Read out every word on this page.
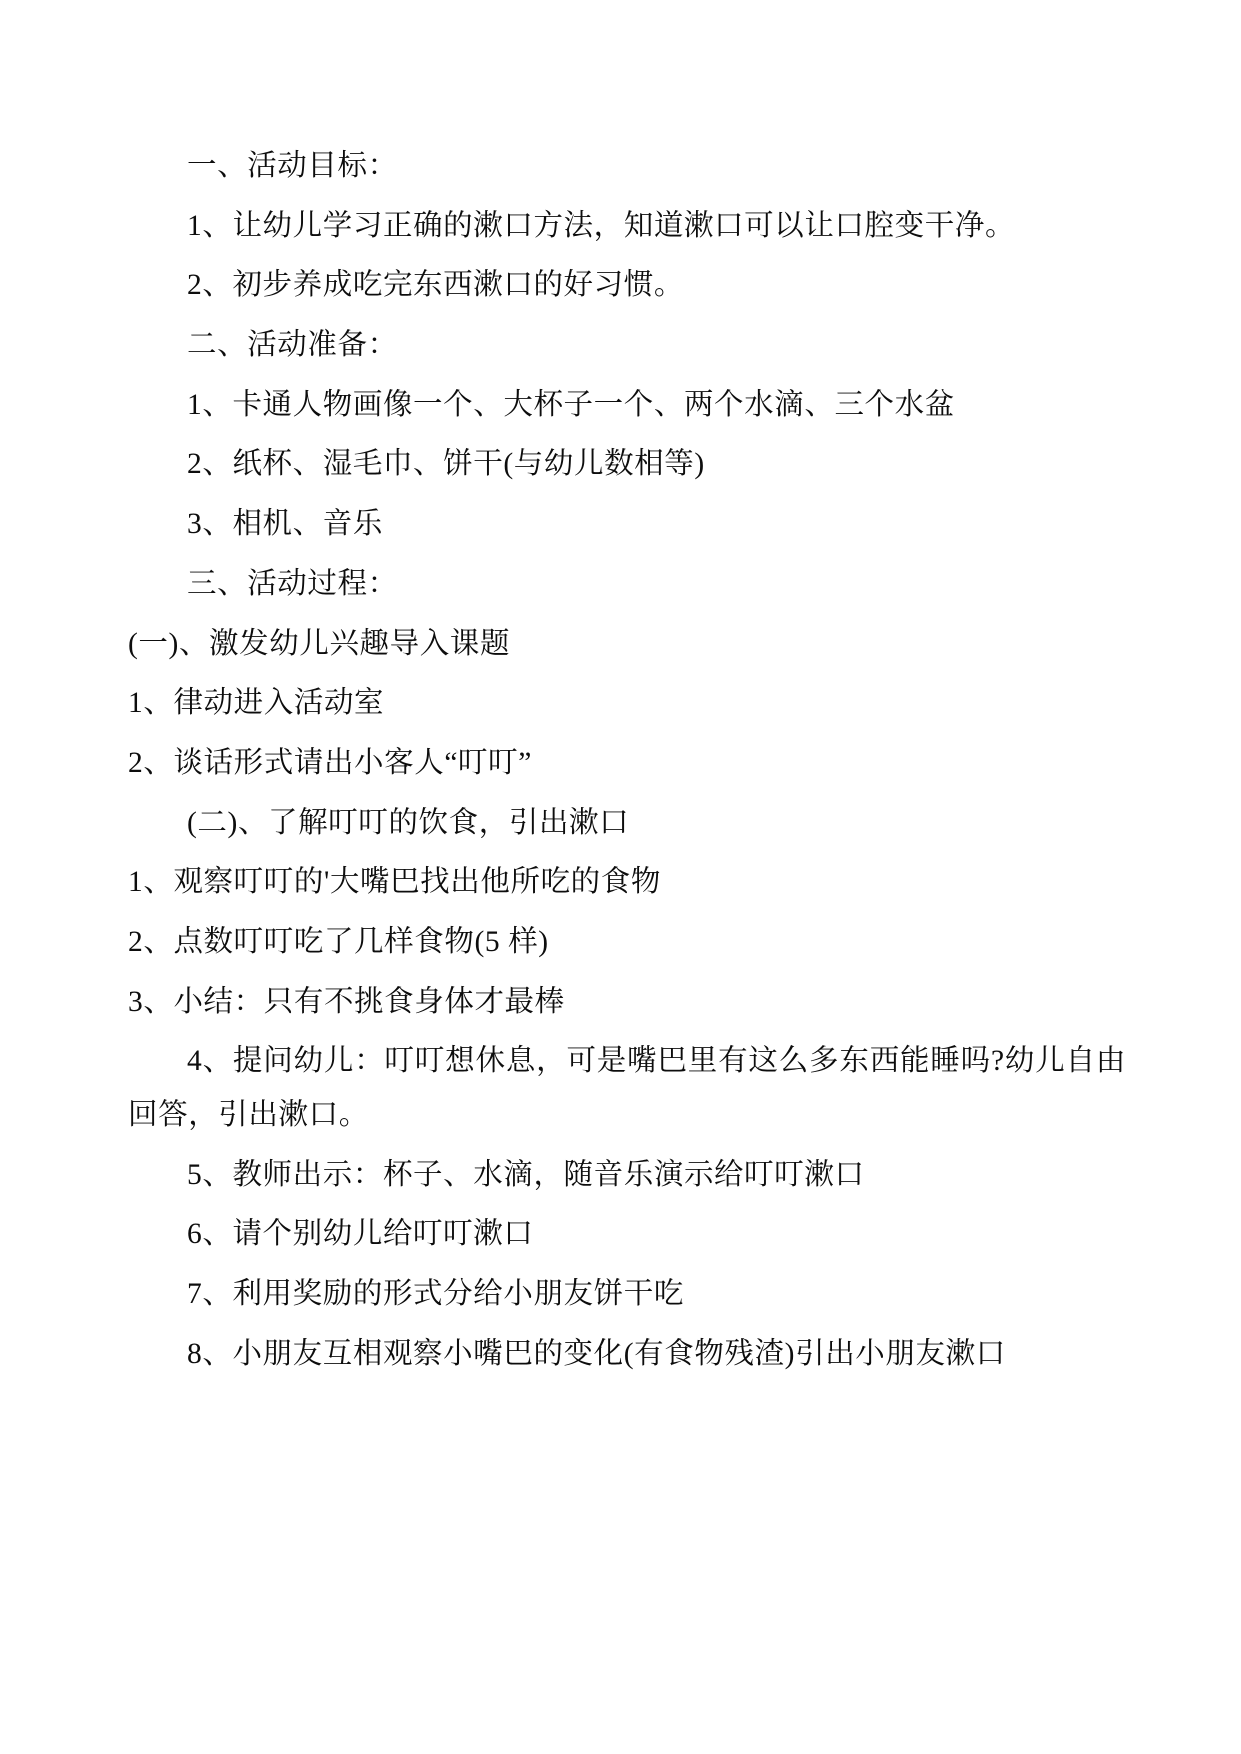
一、活动目标：

1、让幼儿学习正确的漱口方法，知道漱口可以让口腔变干净。

2、初步养成吃完东西漱口的好习惯。

二、活动准备：

1、卡通人物画像一个、大杯子一个、两个水滴、三个水盆

2、纸杯、湿毛巾、饼干(与幼儿数相等)

3、相机、音乐

三、活动过程：

(一)、激发幼儿兴趣导入课题

1、律动进入活动室

2、谈话形式请出小客人“叮叮”

(二)、了解叮叮的饮食，引出漱口

1、观察叮叮的'大嘴巴找出他所吃的食物

2、点数叮叮吃了几样食物(5 样)

3、小结：只有不挑食身体才最棒

4、提问幼儿：叮叮想休息，可是嘴巴里有这么多东西能睡吗?幼儿自由回答，引出漱口。

5、教师出示：杯子、水滴，随音乐演示给叮叮漱口

6、请个别幼儿给叮叮漱口

7、利用奖励的形式分给小朋友饼干吃

8、小朋友互相观察小嘴巴的变化(有食物残渣)引出小朋友漱口
